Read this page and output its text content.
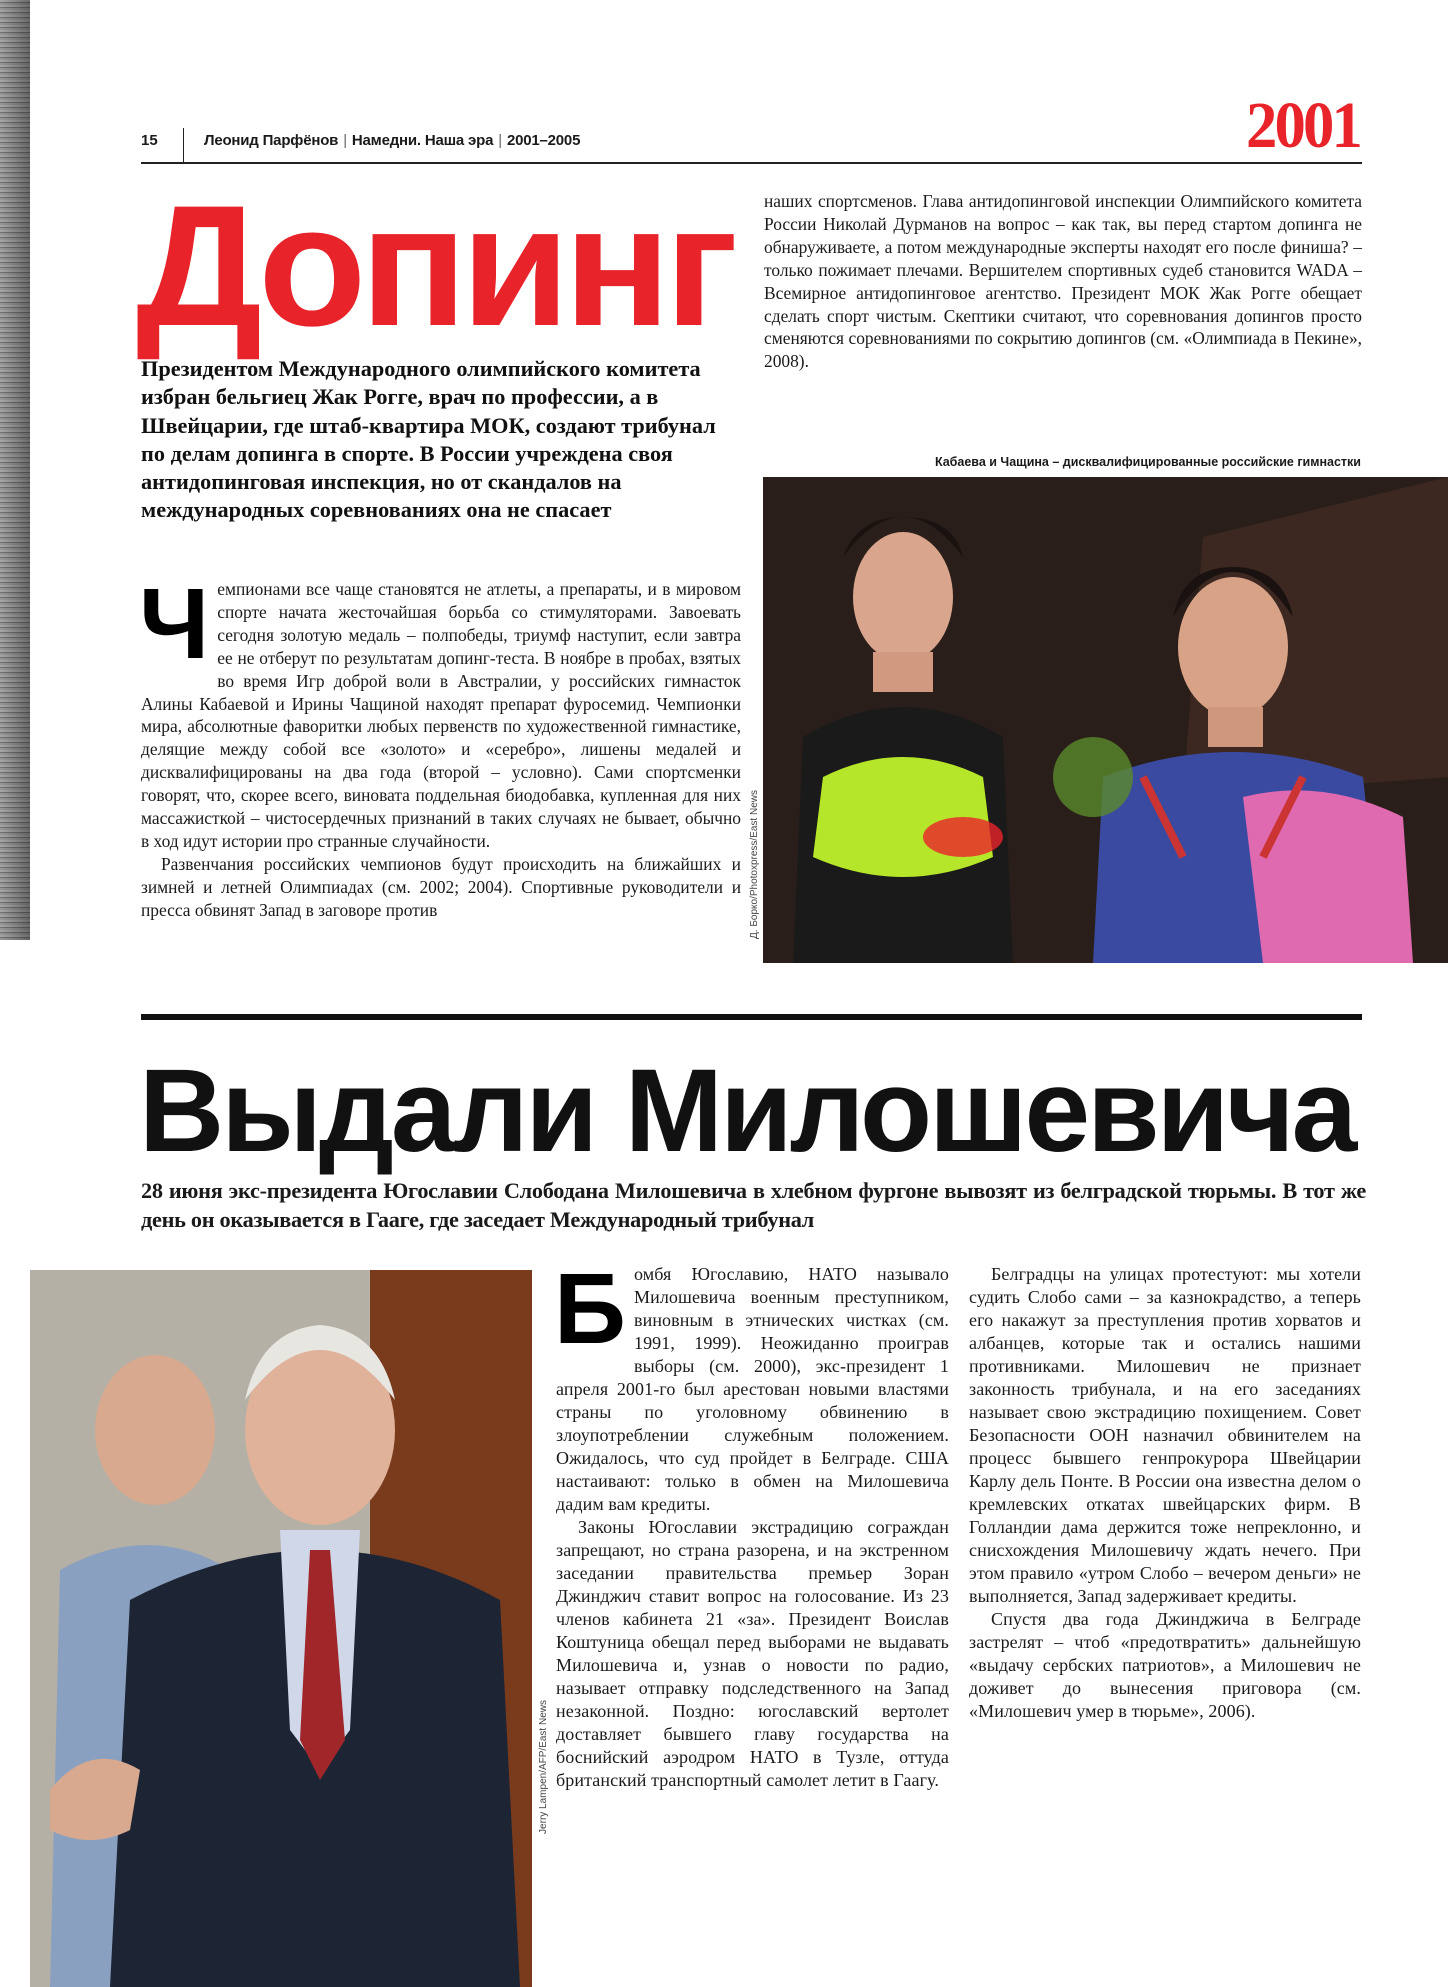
15	Леонид Парфёнов | Намедни. Наша эра | 2001–2005	2001
Допинг
Президентом Международного олимпийского комитета избран бельгиец Жак Рогге, врач по профессии, а в Швейцарии, где штаб-квартира МОК, создают трибунал по делам допинга в спорте. В России учреждена своя антидопинговая инспекция, но от скандалов на международных соревнованиях она не спасает

Чемпионами все чаще становятся не атлеты, а препараты, и в мировом спорте начата жесточайшая борьба со стимуляторами. Завоевать сегодня золотую медаль – полпобеды, триумф наступит, если завтра ее не отберут по результатам допинг-теста. В ноябре в пробах, взятых во время Игр доброй воли в Австралии, у российских гимнасток Алины Кабаевой и Ирины Чащиной находят препарат фуросемид. Чемпионки мира, абсолютные фаворитки любых первенств по художественной гимнастике, делящие между собой все «золото» и «серебро», лишены медалей и дисквалифицированы на два года (второй – условно). Сами спортсменки говорят, что, скорее всего, виновата поддельная биодобавка, купленная для них массажисткой – чистосердечных признаний в таких случаях не бывает, обычно в ход идут истории про странные случайности.

Развенчания российских чемпионов будут происходить на ближайших и зимней и летней Олимпиадах (см. 2002; 2004). Спортивные руководители и пресса обвинят Запад в заговоре против

наших спортсменов. Глава антидопинговой инспекции Олимпийского комитета России Николай Дурманов на вопрос – как так, вы перед стартом допинга не обнаруживаете, а потом международные эксперты находят его после финиша? – только пожимает плечами. Вершителем спортивных судеб становится WADA – Всемирное антидопинговое агентство. Президент МОК Жак Рогге обещает сделать спорт чистым. Скептики считают, что соревнования допингов просто сменяются соревнованиями по сокрытию допингов (см. «Олимпиада в Пекине», 2008).

Кабаева и Чащина – дисквалифицированные российские гимнастки
Д. Борко/Photoxpress/East News
Выдали Милошевича
28 июня экс-президента Югославии Слободана Милошевича в хлебном фургоне вывозят из белградской тюрьмы. В тот же день он оказывается в Гааге, где заседает Международный трибунал
Jerry Lampen/AFP/East News

Бомбя Югославию, НАТО называло Милошевича военным преступником, виновным в этнических чистках (см. 1991, 1999). Неожиданно проиграв выборы (см. 2000), экс-президент 1 апреля 2001-го был арестован новыми властями страны по уголовному обвинению в злоупотреблении служебным положением. Ожидалось, что суд пройдет в Белграде. США настаивают: только в обмен на Милошевича дадим вам кредиты.

Законы Югославии экстрадицию сограждан запрещают, но страна разорена, и на экстренном заседании правительства премьер Зоран Джинджич ставит вопрос на голосование. Из 23 членов кабинета 21 «за». Президент Воислав Коштуница обещал перед выборами не выдавать Милошевича и, узнав о новости по радио, называет отправку подследственного на Запад незаконной. Поздно: югославский вертолет доставляет бывшего главу государства на боснийский аэродром НАТО в Тузле, оттуда британский транспортный самолет летит в Гаагу.

Белградцы на улицах протестуют: мы хотели судить Слобо сами – за казнокрадство, а теперь его накажут за преступления против хорватов и албанцев, которые так и остались нашими противниками. Милошевич не признает законность трибунала, и на его заседаниях называет свою экстрадицию похищением. Совет Безопасности ООН назначил обвинителем на процесс бывшего генпрокурора Швейцарии Карлу дель Понте. В России она известна делом о кремлевских откатах швейцарских фирм. В Голландии дама держится тоже непреклонно, и снисхождения Милошевичу ждать нечего. При этом правило «утром Слобо – вечером деньги» не выполняется, Запад задерживает кредиты.

Спустя два года Джинджича в Белграде застрелят – чтоб «предотвратить» дальнейшую «выдачу сербских патриотов», а Милошевич не доживет до вынесения приговора (см. «Милошевич умер в тюрьме», 2006).
